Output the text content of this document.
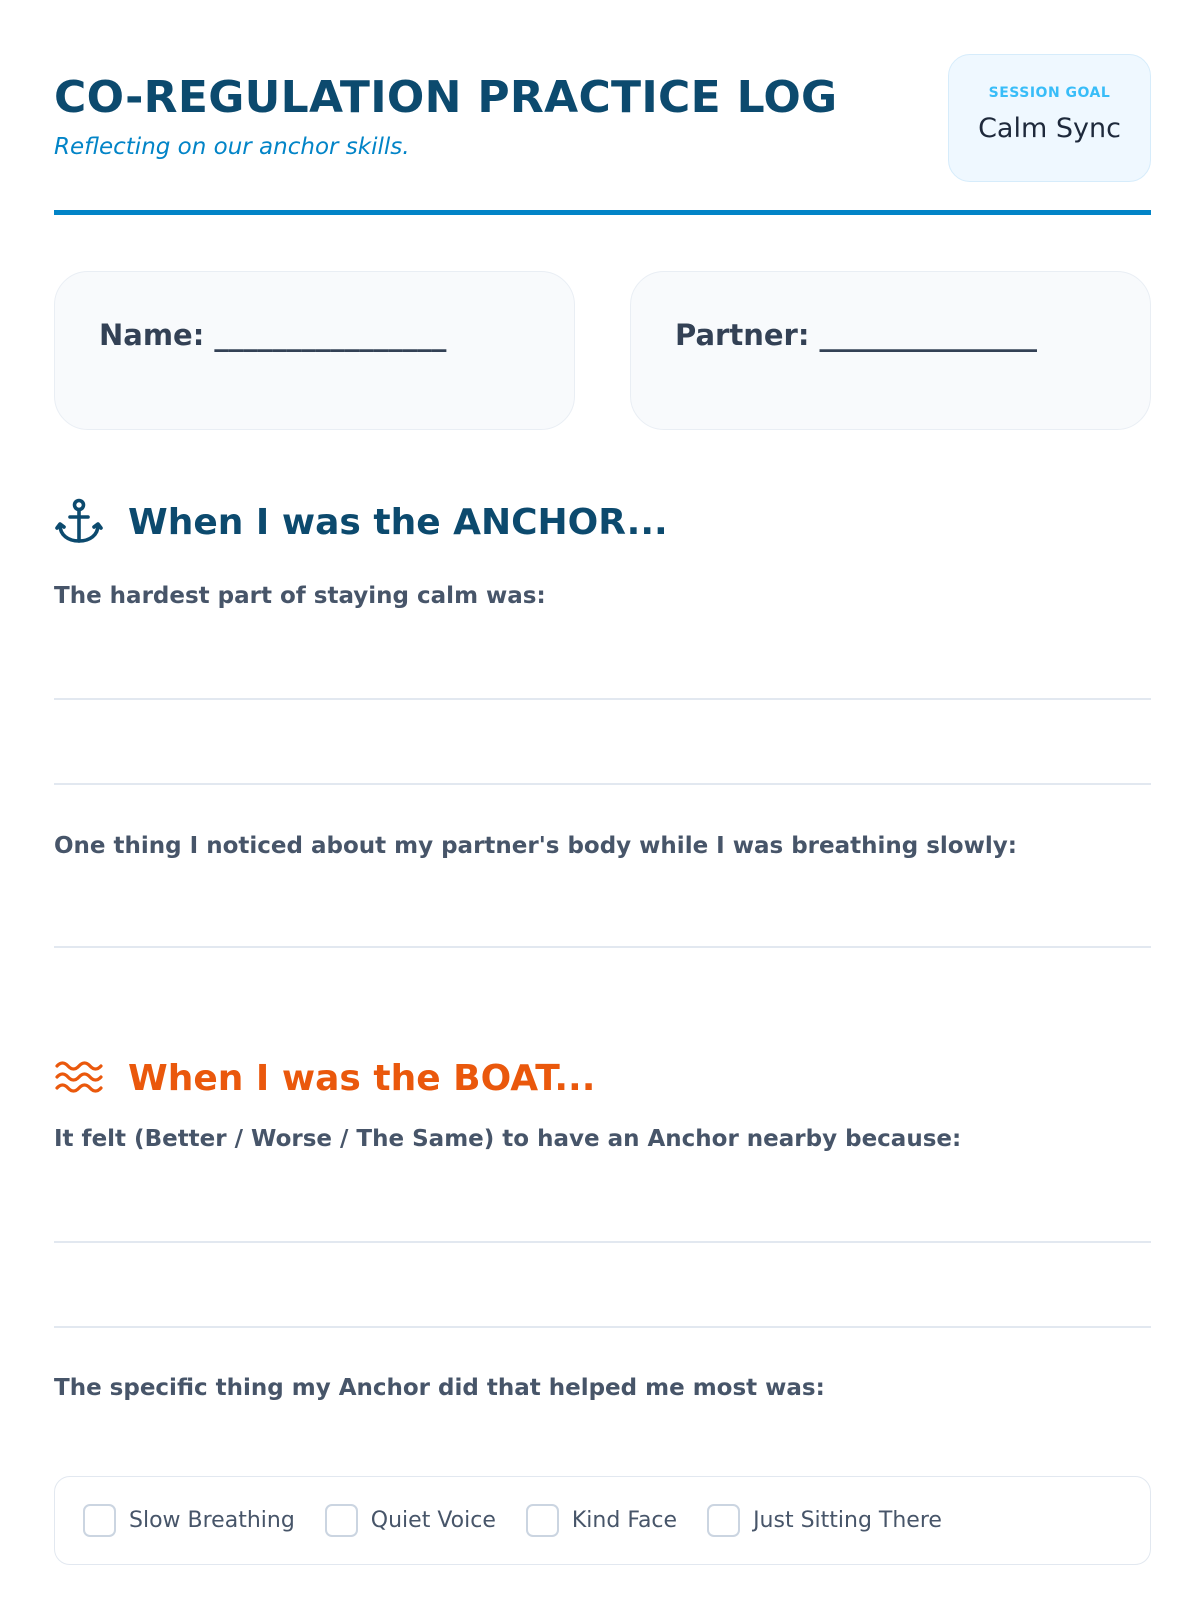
CO-REGULATION PRACTICE LOG
Reflecting on our anchor skills.
SESSION GOAL
Calm Sync
Name: ________________	Partner: _______________
When I was the ANCHOR...
The hardest part of staying calm was:
One thing I noticed about my partner's body while I was breathing slowly:
When I was the BOAT...
It felt (Better / Worse / The Same) to have an Anchor nearby because:
The specific thing my Anchor did that helped me most was:
Slow Breathing	Quiet Voice	Kind Face	Just Sitting There
